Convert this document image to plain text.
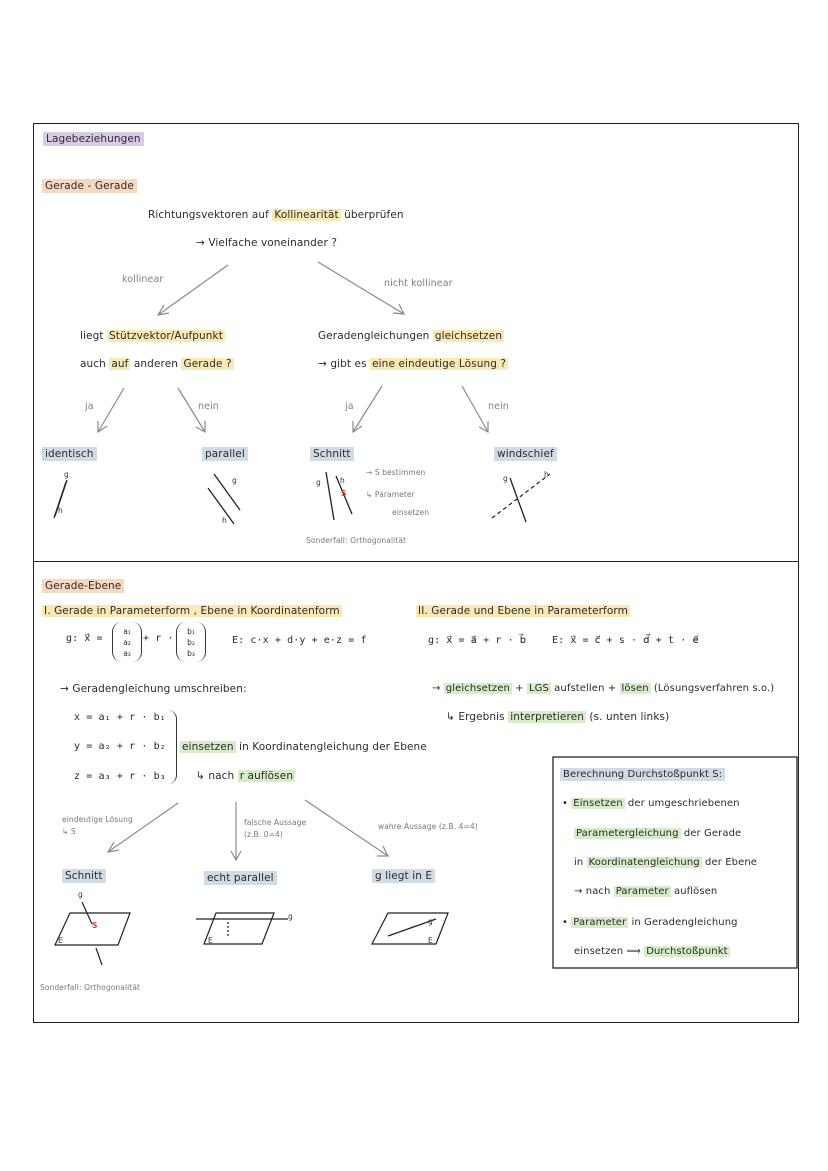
Lagebeziehungen
Gerade - Gerade
Richtungsvektoren auf Kollinearität überprüfen
→ Vielfache voneinander ?
kollinear	nicht kollinear
liegt Stützvektor/Aufpunkt
auch auf anderen Gerade ?
Geradengleichungen gleichsetzen
→ gibt es eine eindeutige Lösung ?
ja	nein	ja	nein
identisch	parallel	Schnitt	windschief
g
h
g
h
g	h
S
g	h
→ S bestimmen
↳ Parameter
einsetzen
Sonderfall: Orthogonalität
Gerade-Ebene
I. Gerade in Parameterform , Ebene in Koordinatenform	II. Gerade und Ebene in Parameterform
g: x⃗ =
a₁
a₂
a₃
+ r ·
b₁
b₂
b₃
E: c·x + d·y + e·z = f	g: x⃗ = a⃗ + r · b⃗	E: x⃗ = c⃗ + s · d⃗ + t · e⃗
→ Geradengleichung umschreiben:
x = a₁ + r · b₁
y = a₂ + r · b₂
z = a₃ + r · b₃
einsetzen in Koordinatengleichung der Ebene
↳ nach r auflösen
→ gleichsetzen + LGS aufstellen + lösen (Lösungsverfahren s.o.)
↳ Ergebnis interpretieren (s. unten links)
eindeutige Lösung
↳ S
falsche Aussage
(z.B. 0=4)
wahre Aussage (z.B. 4=4)
Schnitt	echt parallel	g liegt in E
g
S
E
g
E
g
E
Sonderfall: Orthogonalität
Berechnung Durchstoßpunkt S:
• Einsetzen der umgeschriebenen
Parametergleichung der Gerade
in Koordinatengleichung der Ebene
→ nach Parameter auflösen
• Parameter in Geradengleichung
einsetzen ⟹ Durchstoßpunkt
